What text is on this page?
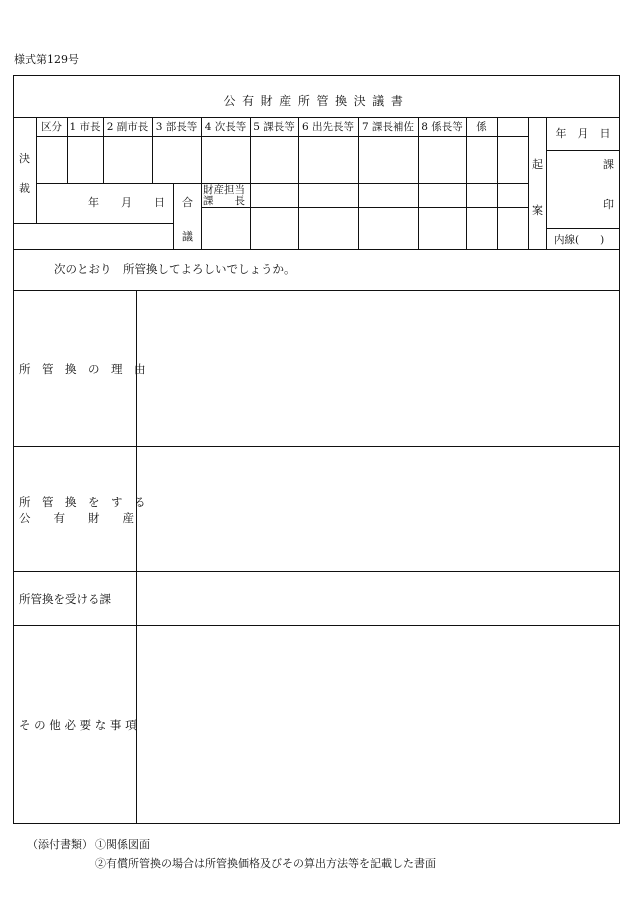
様式第129号
公有財産所管換決議書
決
裁
区分 1 市長 2 副市長 3 部長等 4 次長等 5 課長等 6 出先長等 7 課長補佐 8 係長等	係
年　　月　　日 合
議
財産担当
課　　長
起
案
年　月　日
課
印
内線(　　)
次のとおり　所管換してよろしいでしょうか。
所　管　換　の　理　由
所　管　換　を　す　る
公　　有　　財　　産
所管換を受ける課
そ の 他 必 要 な 事 項
（添付書類） ①関係図面
②有償所管換の場合は所管換価格及びその算出方法等を記載した書面
